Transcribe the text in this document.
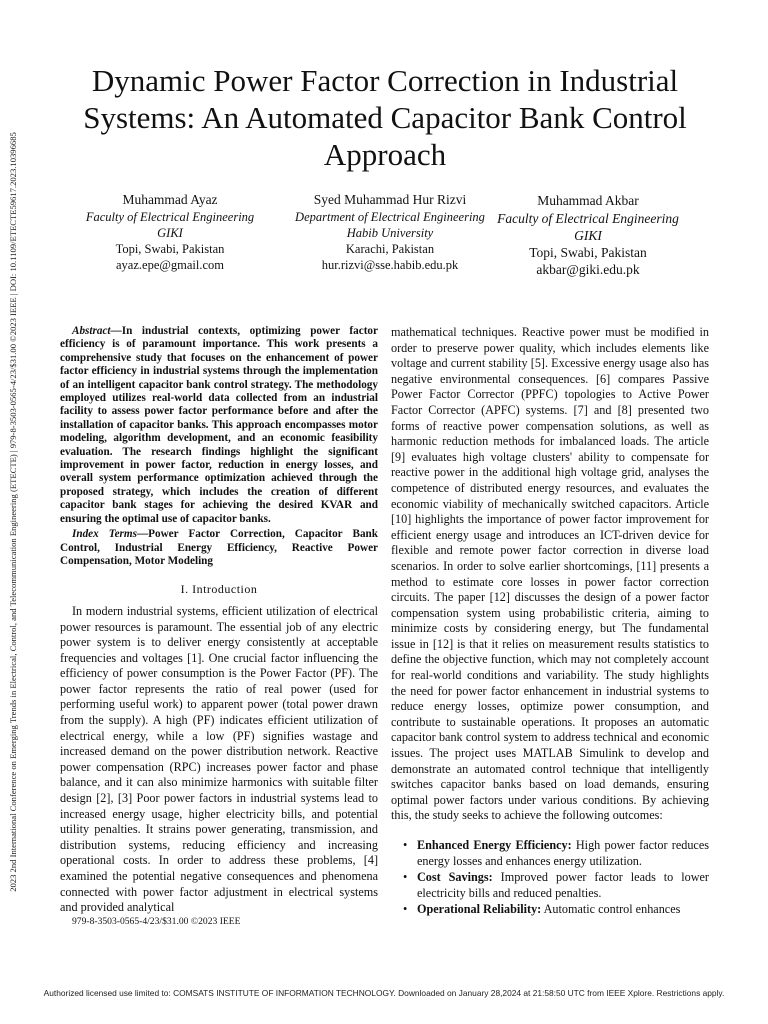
2023 2nd International Conference on Emerging Trends in Electrical, Control, and Telecommunication Engineering (ETECTE) | 979-8-3503-0565-4/23/$31.00 ©2023 IEEE | DOI: 10.1109/ETECTE59617.2023.10396685
Dynamic Power Factor Correction in Industrial Systems: An Automated Capacitor Bank Control Approach
Muhammad Ayaz
Faculty of Electrical Engineering
GIKI
Topi, Swabi, Pakistan
ayaz.epe@gmail.com
Syed Muhammad Hur Rizvi
Department of Electrical Engineering
Habib University
Karachi, Pakistan
hur.rizvi@sse.habib.edu.pk
Muhammad Akbar
Faculty of Electrical Engineering
GIKI
Topi, Swabi, Pakistan
akbar@giki.edu.pk

Abstract—In industrial contexts, optimizing power factor efficiency is of paramount importance. This work presents a comprehensive study that focuses on the enhancement of power factor efficiency in industrial systems through the implementation of an intelligent capacitor bank control strategy. The methodology employed utilizes real-world data collected from an industrial facility to assess power factor performance before and after the installation of capacitor banks. This approach encompasses motor modeling, algorithm development, and an economic feasibility evaluation. The research findings highlight the significant improvement in power factor, reduction in energy losses, and overall system performance optimization achieved through the proposed strategy, which includes the creation of different capacitor bank stages for achieving the desired KVAR and ensuring the optimal use of capacitor banks.

Index Terms—Power Factor Correction, Capacitor Bank Control, Industrial Energy Efficiency, Reactive Power Compensation, Motor Modeling

I. Introduction

In modern industrial systems, efficient utilization of electrical power resources is paramount. The essential job of any electric power system is to deliver energy consistently at acceptable frequencies and voltages [1]. One crucial factor influencing the efficiency of power consumption is the Power Factor (PF). The power factor represents the ratio of real power (used for performing useful work) to apparent power (total power drawn from the supply). A high (PF) indicates efficient utilization of electrical energy, while a low (PF) signifies wastage and increased demand on the power distribution network. Reactive power compensation (RPC) increases power factor and phase balance, and it can also minimize harmonics with suitable filter design [2], [3] Poor power factors in industrial systems lead to increased energy usage, higher electricity bills, and potential utility penalties. It strains power generating, transmission, and distribution systems, reducing efficiency and increasing operational costs. In order to address these problems, [4] examined the potential negative consequences and phenomena connected with power factor adjustment in electrical systems and provided analytical

mathematical techniques. Reactive power must be modified in order to preserve power quality, which includes elements like voltage and current stability [5]. Excessive energy usage also has negative environmental consequences. [6] compares Passive Power Factor Corrector (PPFC) topologies to Active Power Factor Corrector (APFC) systems. [7] and [8] presented two forms of reactive power compensation solutions, as well as harmonic reduction methods for imbalanced loads. The article [9] evaluates high voltage clusters' ability to compensate for reactive power in the additional high voltage grid, analyses the competence of distributed energy resources, and evaluates the economic viability of mechanically switched capacitors. Article [10] highlights the importance of power factor improvement for efficient energy usage and introduces an ICT-driven device for flexible and remote power factor correction in diverse load scenarios. In order to solve earlier shortcomings, [11] presents a method to estimate core losses in power factor correction circuits. The paper [12] discusses the design of a power factor compensation system using probabilistic criteria, aiming to minimize costs by considering energy, but The fundamental issue in [12] is that it relies on measurement results statistics to define the objective function, which may not completely account for real-world conditions and variability. The study highlights the need for power factor enhancement in industrial systems to reduce energy losses, optimize power consumption, and contribute to sustainable operations. It proposes an automatic capacitor bank control system to address technical and economic issues. The project uses MATLAB Simulink to develop and demonstrate an automated control technique that intelligently switches capacitor banks based on load demands, ensuring optimal power factors under various conditions. By achieving this, the study seeks to achieve the following outcomes:

• Enhanced Energy Efficiency: High power factor reduces energy losses and enhances energy utilization.
• Cost Savings: Improved power factor leads to lower electricity bills and reduced penalties.
• Operational Reliability: Automatic control enhances
979-8-3503-0565-4/23/$31.00 ©2023 IEEE
Authorized licensed use limited to: COMSATS INSTITUTE OF INFORMATION TECHNOLOGY. Downloaded on January 28,2024 at 21:58:50 UTC from IEEE Xplore. Restrictions apply.
